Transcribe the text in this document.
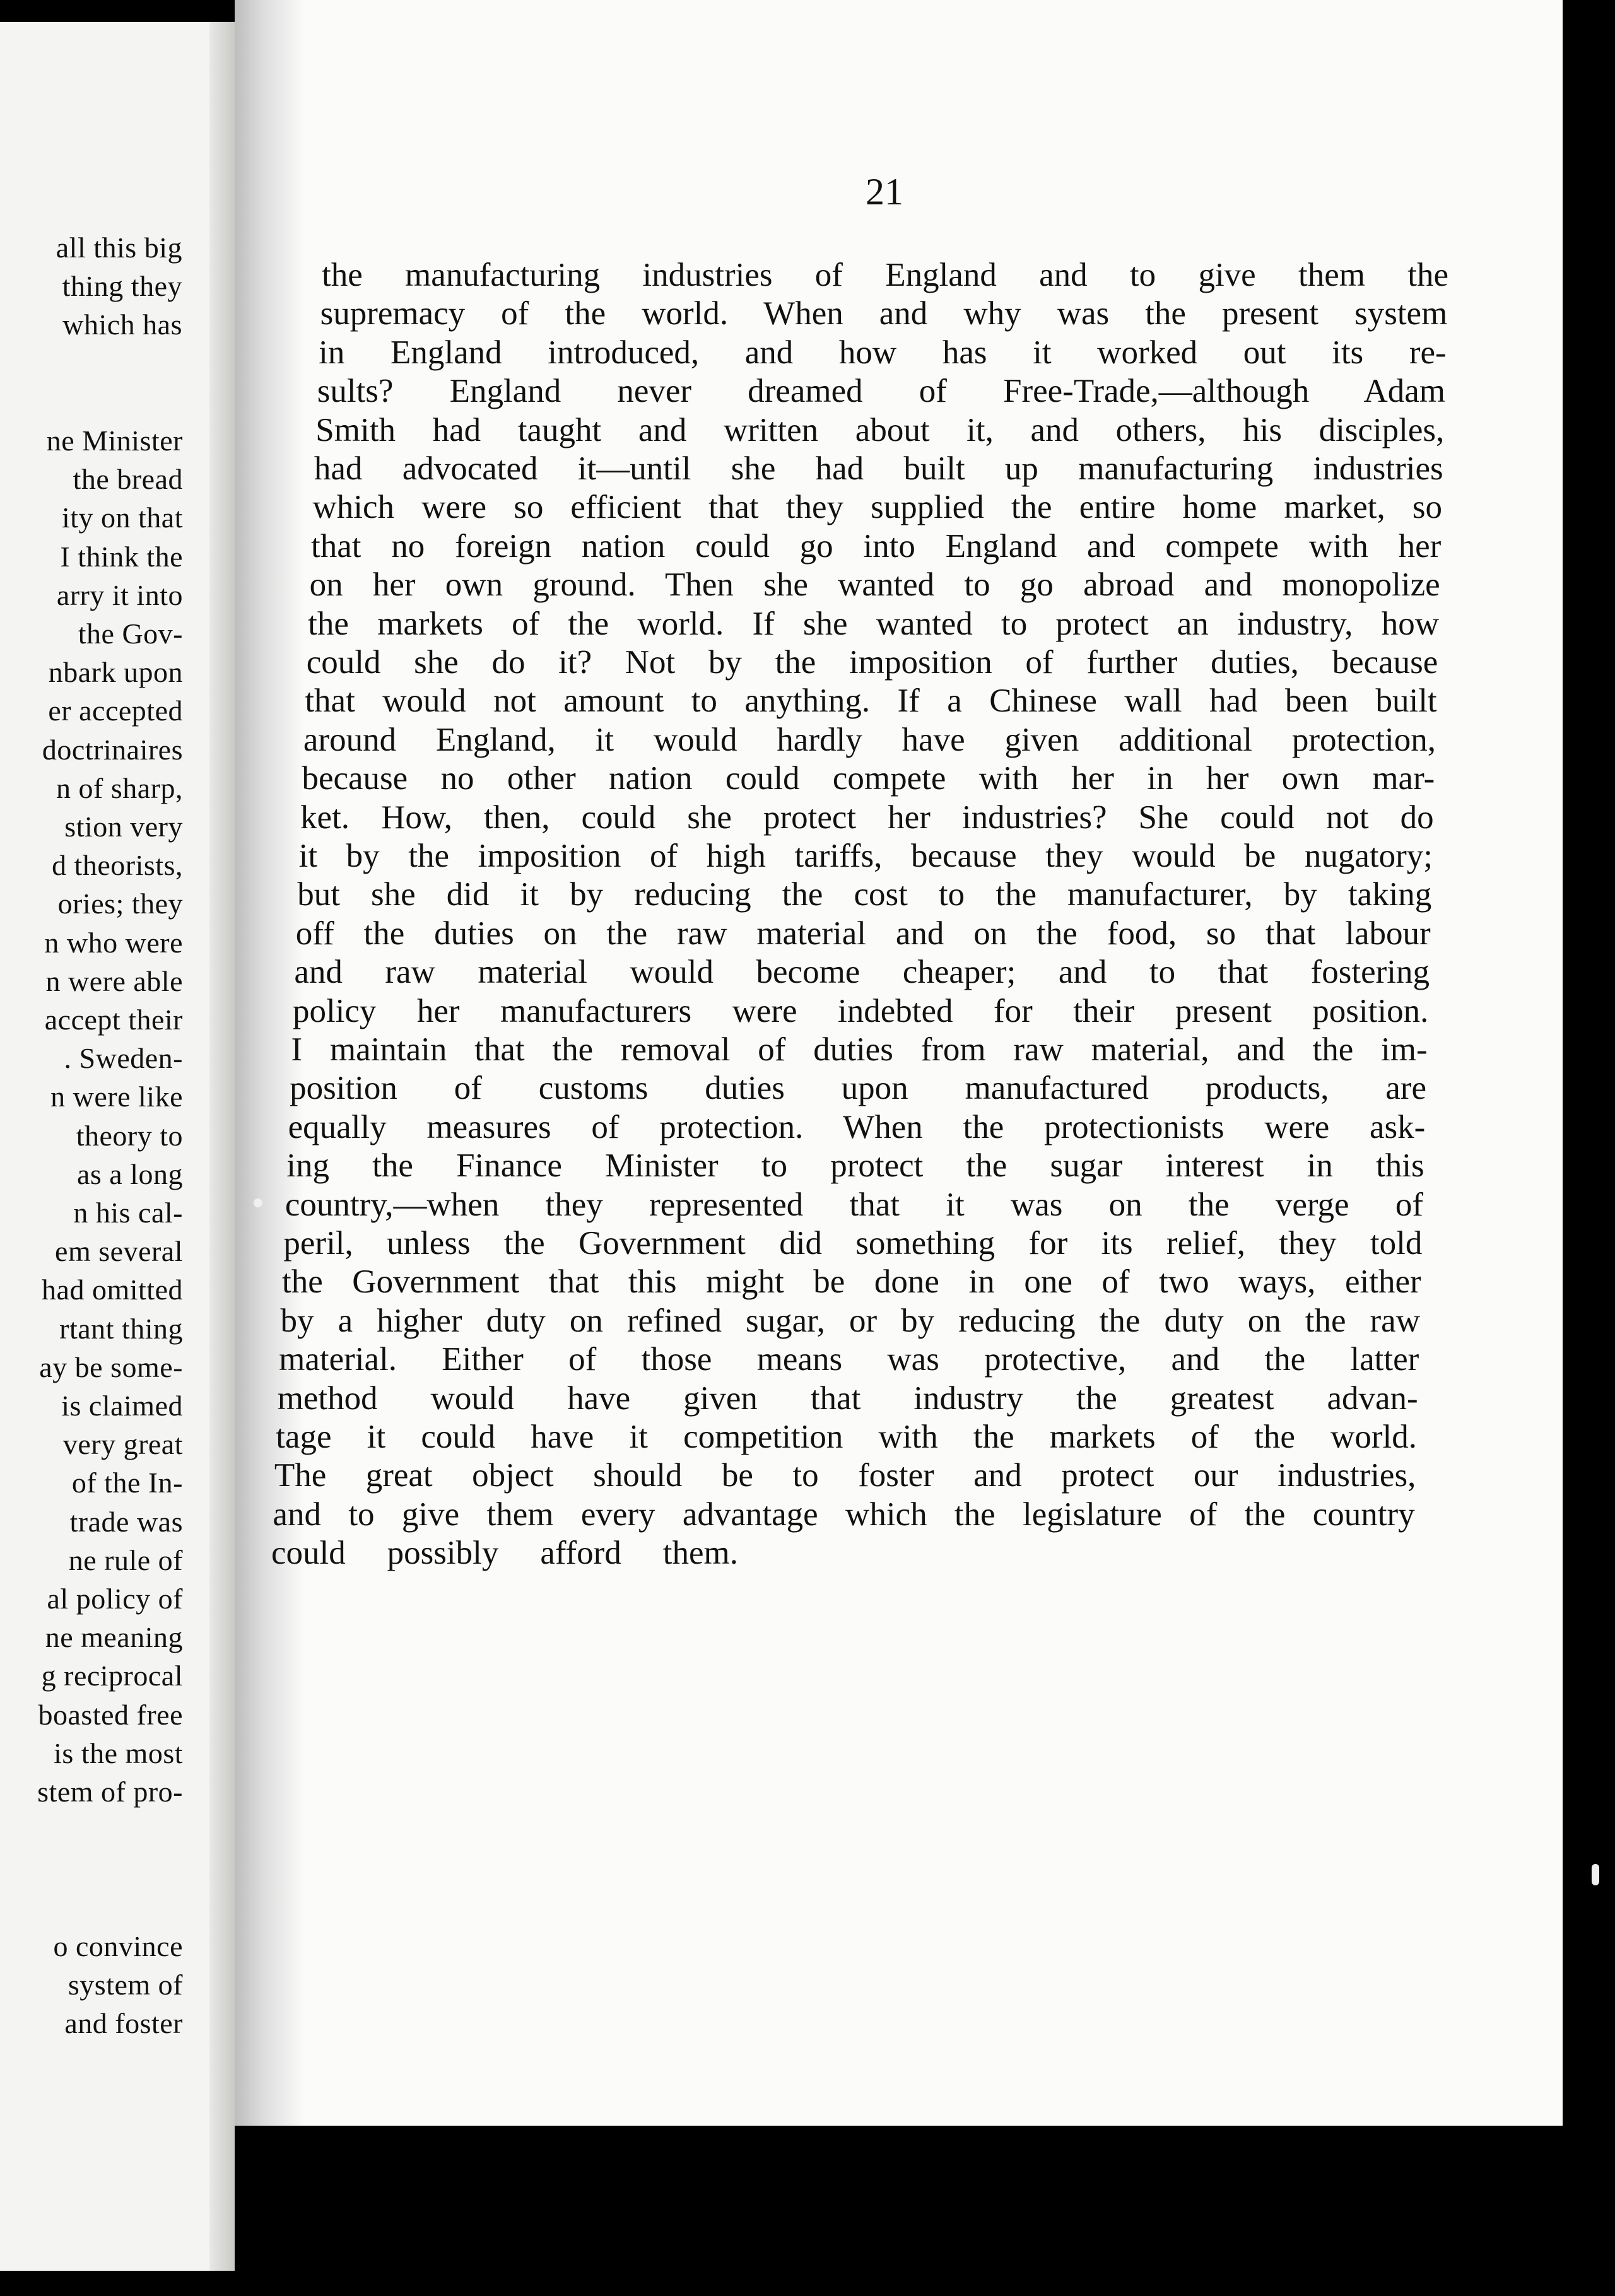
all this big
thing they
which has
ne Minister
the bread
ity on that
I think the
arry it into
the Gov-
nbark upon
er accepted
doctrinaires
n of sharp,
stion very
d theorists,
ories; they
n who were
n were able
accept their
. Sweden-
n were like
theory to
as a long
n his cal-
em several
had omitted
rtant thing
ay be some-
is claimed
very great
of the In-
trade was
ne rule of
al policy of
ne meaning
g reciprocal
boasted free
is the most
stem of pro-
o convince
system of
and foster
21
the manufacturing industries of England and to give them the
supremacy of the world. When and why was the present system
in England introduced, and how has it worked out its re-
sults? England never dreamed of Free-Trade,—although Adam
Smith had taught and written about it, and others, his disciples,
had advocated it—until she had built up manufacturing industries
which were so efficient that they supplied the entire home market, so
that no foreign nation could go into England and compete with her
on her own ground. Then she wanted to go abroad and monopolize
the markets of the world. If she wanted to protect an industry, how
could she do it? Not by the imposition of further duties, because
that would not amount to anything. If a Chinese wall had been built
around England, it would hardly have given additional protection,
because no other nation could compete with her in her own mar-
ket. How, then, could she protect her industries? She could not do
it by the imposition of high tariffs, because they would be nugatory;
but she did it by reducing the cost to the manufacturer, by taking
off the duties on the raw material and on the food, so that labour
and raw material would become cheaper; and to that fostering
policy her manufacturers were indebted for their present position.
I maintain that the removal of duties from raw material, and the im-
position of customs duties upon manufactured products, are
equally measures of protection. When the protectionists were ask-
ing the Finance Minister to protect the sugar interest in this
country,—when they represented that it was on the verge of
peril, unless the Government did something for its relief, they told
the Government that this might be done in one of two ways, either
by a higher duty on refined sugar, or by reducing the duty on the raw
material. Either of those means was protective, and the latter
method would have given that industry the greatest advan-
tage it could have it competition with the markets of the world.
The great object should be to foster and protect our industries,
and to give them every advantage which the legislature of the country
could possibly afford them.
